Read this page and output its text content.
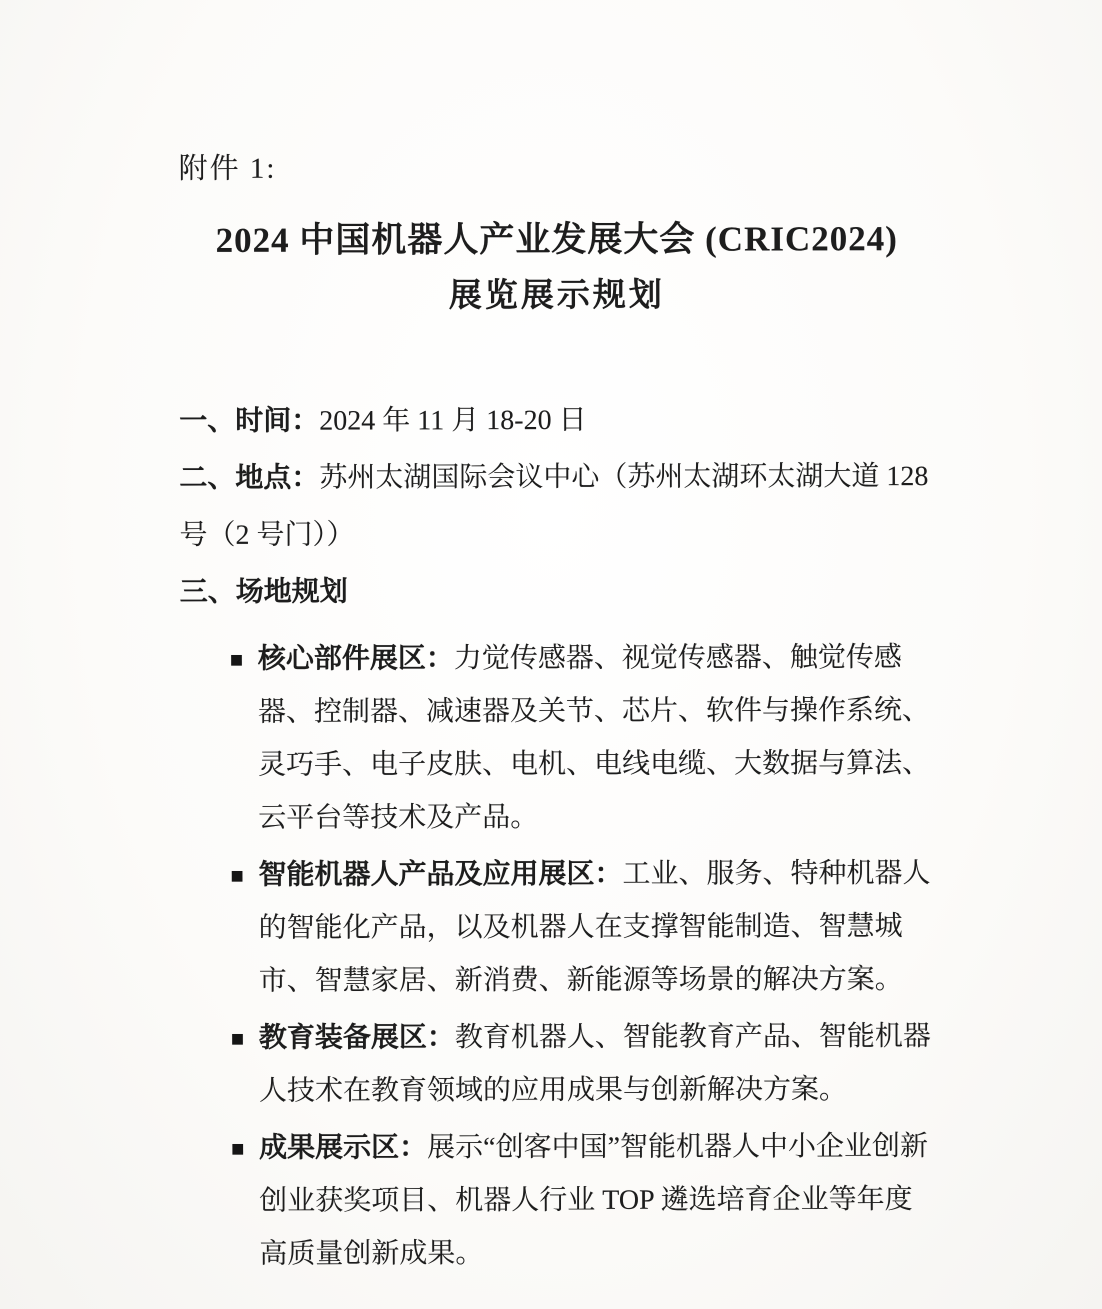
附件 1:
2024 中国机器人产业发展大会 (CRIC2024)
展览展示规划

一、时间：2024 年 11 月 18-20 日

二、地点：苏州太湖国际会议中心（苏州太湖环太湖大道 128 号（2 号门））

三、场地规划

■ 核心部件展区：力觉传感器、视觉传感器、触觉传感器、控制器、减速器及关节、芯片、软件与操作系统、灵巧手、电子皮肤、电机、电线电缆、大数据与算法、云平台等技术及产品。
■ 智能机器人产品及应用展区：工业、服务、特种机器人的智能化产品，以及机器人在支撑智能制造、智慧城市、智慧家居、新消费、新能源等场景的解决方案。
■ 教育装备展区：教育机器人、智能教育产品、智能机器人技术在教育领域的应用成果与创新解决方案。
■ 成果展示区：展示“创客中国”智能机器人中小企业创新创业获奖项目、机器人行业 TOP 遴选培育企业等年度高质量创新成果。
